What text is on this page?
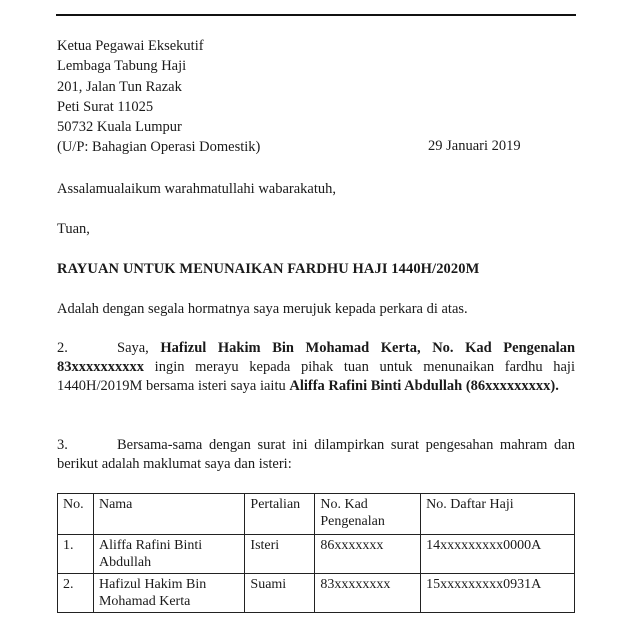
Ketua Pegawai Eksekutif
Lembaga Tabung Haji
201, Jalan Tun Razak
Peti Surat 11025
50732 Kuala Lumpur
(U/P: Bahagian Operasi Domestik)	29 Januari 2019
Assalamualaikum warahmatullahi wabarakatuh,
Tuan,
RAYUAN UNTUK MENUNAIKAN FARDHU HAJI 1440H/2020M
Adalah dengan segala hormatnya saya merujuk kepada perkara di atas.
2.	Saya, Hafizul Hakim Bin Mohamad Kerta, No. Kad Pengenalan 83xxxxxxxxxx ingin merayu kepada pihak tuan untuk menunaikan fardhu haji 1440H/2019M bersama isteri saya iaitu Aliffa Rafini Binti Abdullah (86xxxxxxxxx).
3.	Bersama-sama dengan surat ini dilampirkan surat pengesahan mahram dan berikut adalah maklumat saya dan isteri:
No.	Nama	Pertalian	No. Kad Pengenalan	No. Daftar Haji
1.	Aliffa Rafini Binti Abdullah	Isteri	86xxxxxxx	14xxxxxxxxx0000A
2.	Hafizul Hakim Bin Mohamad Kerta	Suami	83xxxxxxxx	15xxxxxxxxx0931A
